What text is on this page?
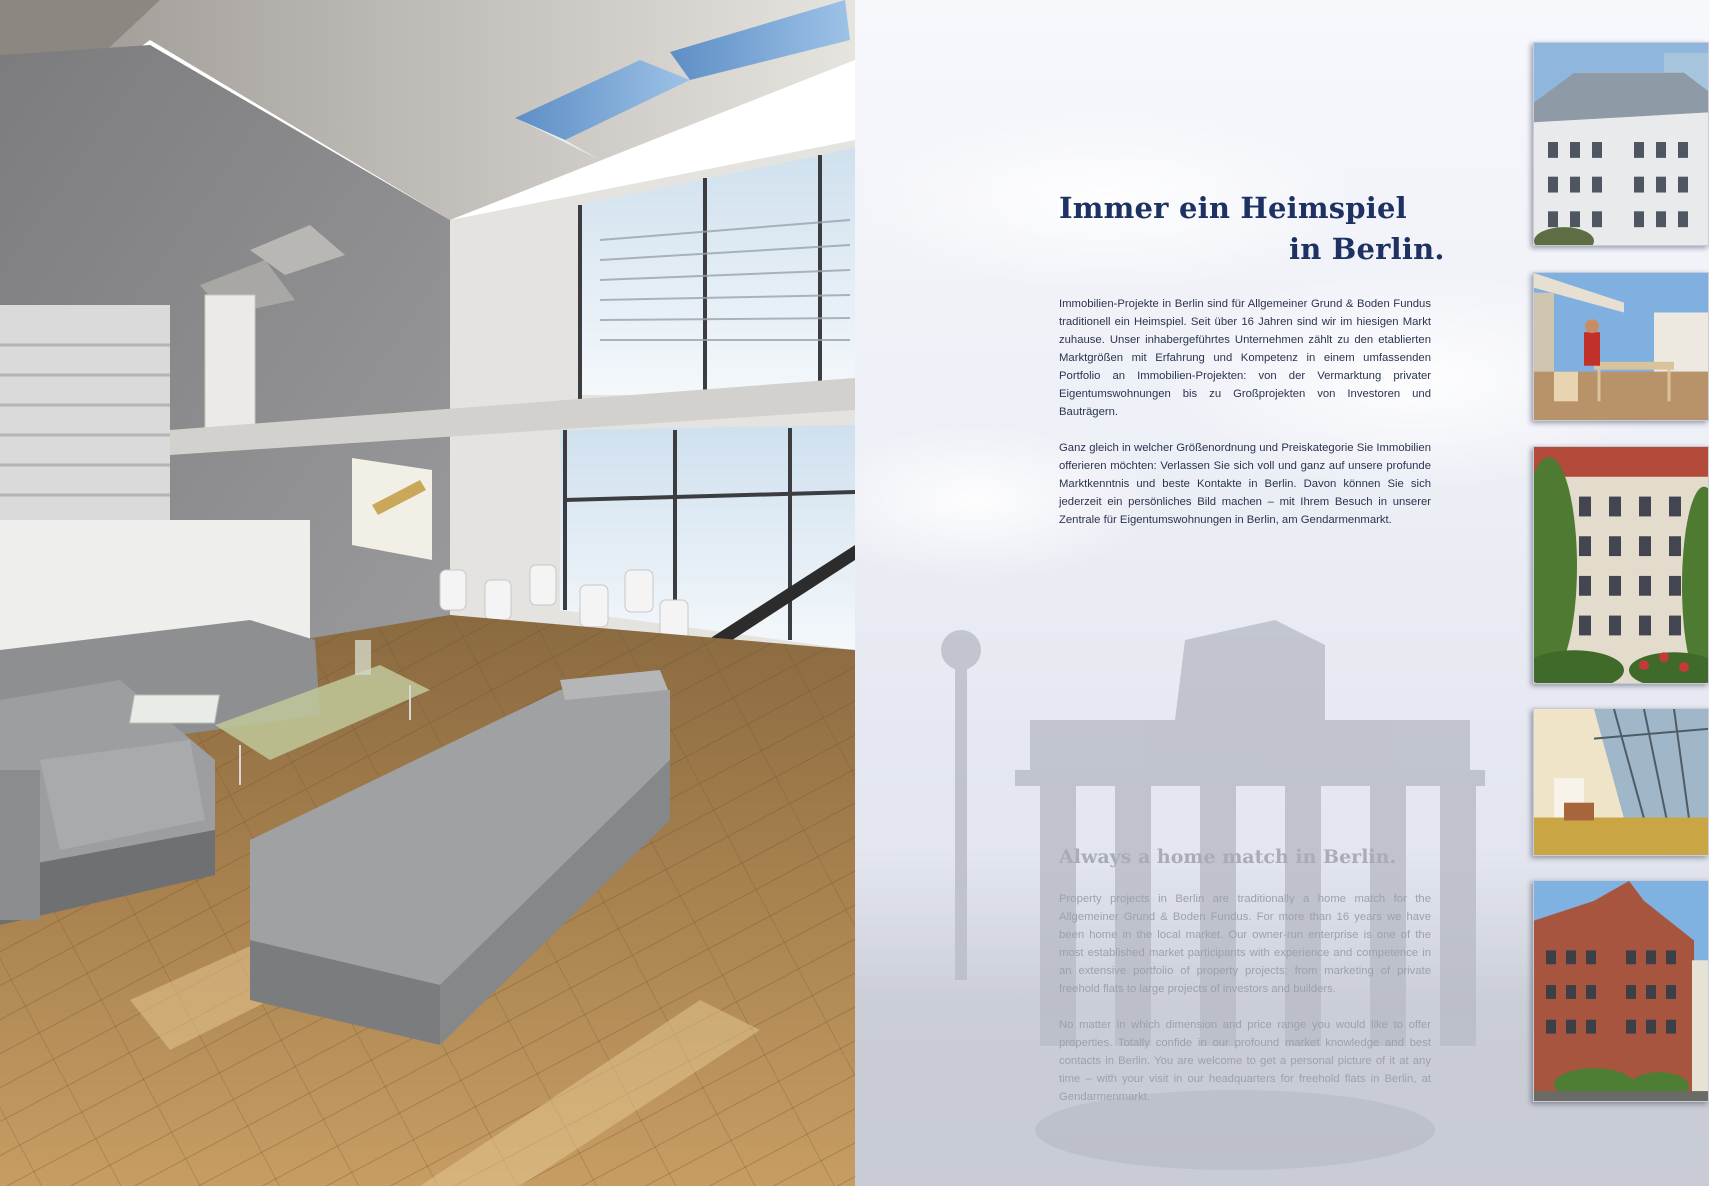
Immer ein Heimspiel
in Berlin.

Immobilien-Projekte in Berlin sind für Allgemeiner Grund & Boden Fundus traditionell ein Heimspiel. Seit über 16 Jahren sind wir im hiesigen Markt zuhause. Unser inhabergeführtes Unternehmen zählt zu den etablierten Marktgrößen mit Erfahrung und Kompetenz in einem umfassenden Portfolio an Immobilien-Projekten: von der Vermarktung privater Eigentumswohnungen bis zu Großprojekten von Investoren und Bauträgern.

Ganz gleich in welcher Größenordnung und Preiskategorie Sie Immobilien offerieren möchten: Verlassen Sie sich voll und ganz auf unsere profunde Marktkenntnis und beste Kontakte in Berlin. Davon können Sie sich jederzeit ein persönliches Bild machen – mit Ihrem Besuch in unserer Zentrale für Eigentumswohnungen in Berlin, am Gendarmenmarkt.

Always a home match in Berlin.

Property projects in Berlin are traditionally a home match for the Allgemeiner Grund & Boden Fundus. For more than 16 years we have been home in the local market. Our owner-run enterprise is one of the most established market participants with experience and competence in an extensive portfolio of property projects: from marketing of private freehold flats to large projects of investors and builders.

No matter in which dimension and price range you would like to offer properties. Totally confide in our profound market knowledge and best contacts in Berlin. You are welcome to get a personal picture of it at any time – with your visit in our headquarters for freehold flats in Berlin, at Gendarmenmarkt.
